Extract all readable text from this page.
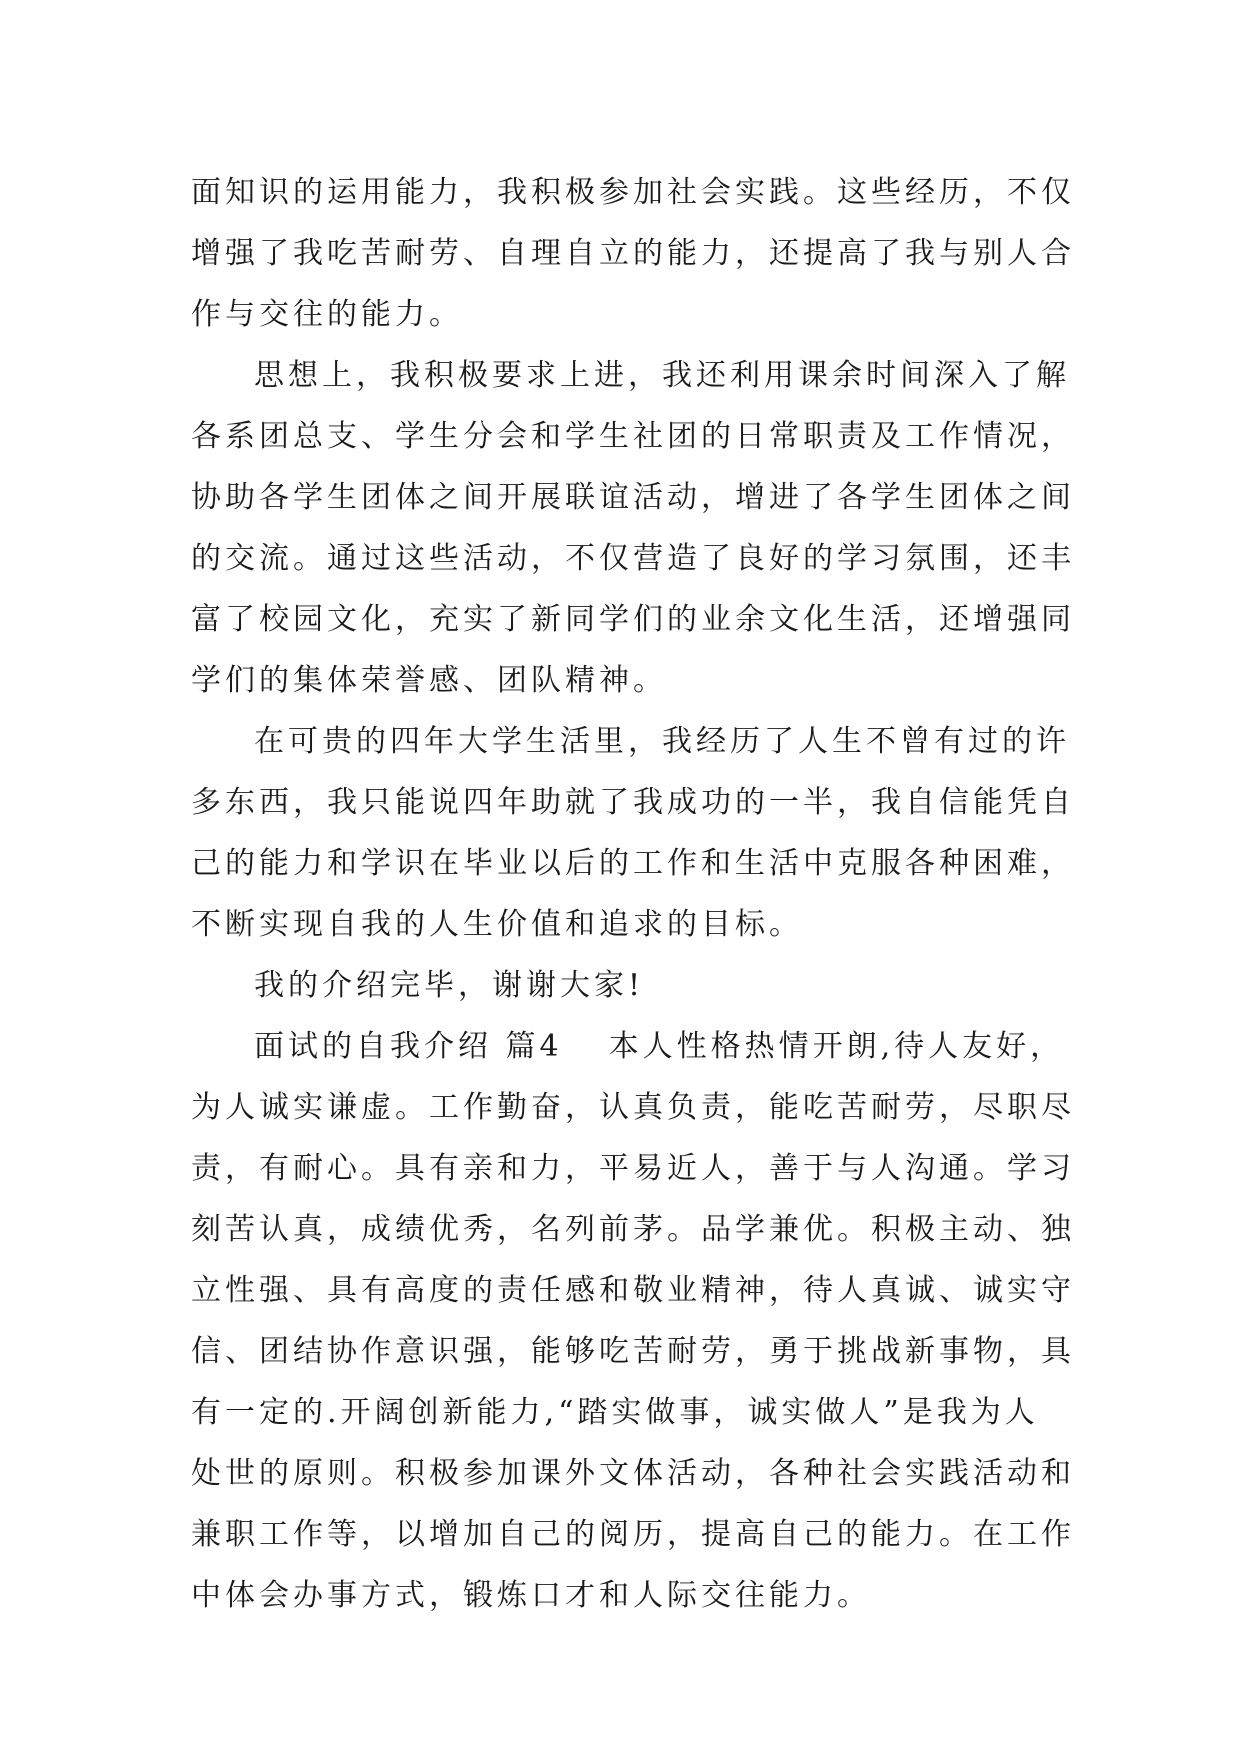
面知识的运用能力，我积极参加社会实践。这些经历，不仅
增强了我吃苦耐劳、自理自立的能力，还提高了我与别人合
作与交往的能力。
思想上，我积极要求上进，我还利用课余时间深入了解
各系团总支、学生分会和学生社团的日常职责及工作情况，
协助各学生团体之间开展联谊活动，增进了各学生团体之间
的交流。通过这些活动，不仅营造了良好的学习氛围，还丰
富了校园文化，充实了新同学们的业余文化生活，还增强同
学们的集体荣誉感、团队精神。
在可贵的四年大学生活里，我经历了人生不曾有过的许
多东西，我只能说四年助就了我成功的一半，我自信能凭自
己的能力和学识在毕业以后的工作和生活中克服各种困难，
不断实现自我的人生价值和追求的目标。
我的介绍完毕，谢谢大家!
面试的自我介绍 篇4 本人性格热情开朗,待人友好，
为人诚实谦虚。工作勤奋，认真负责，能吃苦耐劳，尽职尽
责，有耐心。具有亲和力，平易近人，善于与人沟通。学习
刻苦认真，成绩优秀，名列前茅。品学兼优。积极主动、独
立性强、具有高度的责任感和敬业精神，待人真诚、诚实守
信、团结协作意识强，能够吃苦耐劳，勇于挑战新事物，具
有一定的.开阔创新能力,“踏实做事，诚实做人”是我为人
处世的原则。积极参加课外文体活动，各种社会实践活动和
兼职工作等，以增加自己的阅历，提高自己的能力。在工作
中体会办事方式，锻炼口才和人际交往能力。
